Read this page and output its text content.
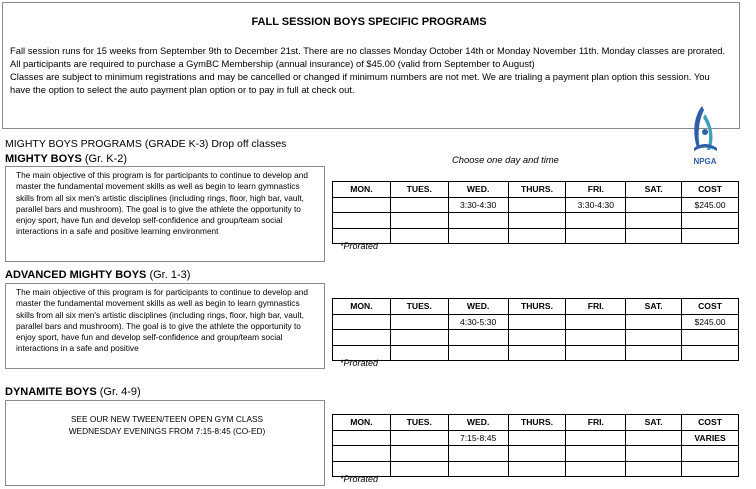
FALL SESSION BOYS SPECIFIC PROGRAMS

Fall session runs for 15 weeks from September 9th to December 21st. There are no classes Monday October 14th or Monday November 11th. Monday classes are prorated.

All participants are required to purchase a GymBC Membership (annual insurance) of $45.00 (valid from September to August)

Classes are subject to minimum registrations and may be cancelled or changed if minimum numbers are not met. We are trialing a payment plan option this session. You have the option to select the auto payment plan option or to pay in full at check out.

MIGHTY BOYS PROGRAMS (GRADE K-3) Drop off classes
Choose one day and time	NPGA
MIGHTY BOYS (Gr. K-2)
The main objective of this program is for participants to continue to develop and master the fundamental movement skills as well as begin to learn gymnastics skills from all six men's artistic disciplines (including rings, floor, high bar, vault, parallel bars and mushroom). The goal is to give the athlete the opportunity to enjoy sport, have fun and develop self-confidence and group/team social interactions in a safe and positive learning environment
MON.	TUES.	WED.	THURS.	FRI.	SAT.	COST
		3:30-4:30		3:30-4:30		$245.00

*Prorated
ADVANCED MIGHTY BOYS (Gr. 1-3)
The main objective of this program is for participants to continue to develop and master the fundamental movement skills as well as begin to learn gymnastics skills from all six men's artistic disciplines (including rings, floor, high bar, vault, parallel bars and mushroom). The goal is to give the athlete the opportunity to enjoy sport, have fun and develop self-confidence and group/team social interactions in a safe and positive
MON.	TUES.	WED.	THURS.	FRI.	SAT.	COST
		4:30-5:30				$245.00

*Prorated
DYNAMITE BOYS (Gr. 4-9)
SEE OUR NEW TWEEN/TEEN OPEN GYM CLASS
WEDNESDAY EVENINGS FROM 7:15-8:45 (CO-ED)
MON.	TUES.	WED.	THURS.	FRI.	SAT.	COST
		7:15-8:45				VARIES

*Prorated
